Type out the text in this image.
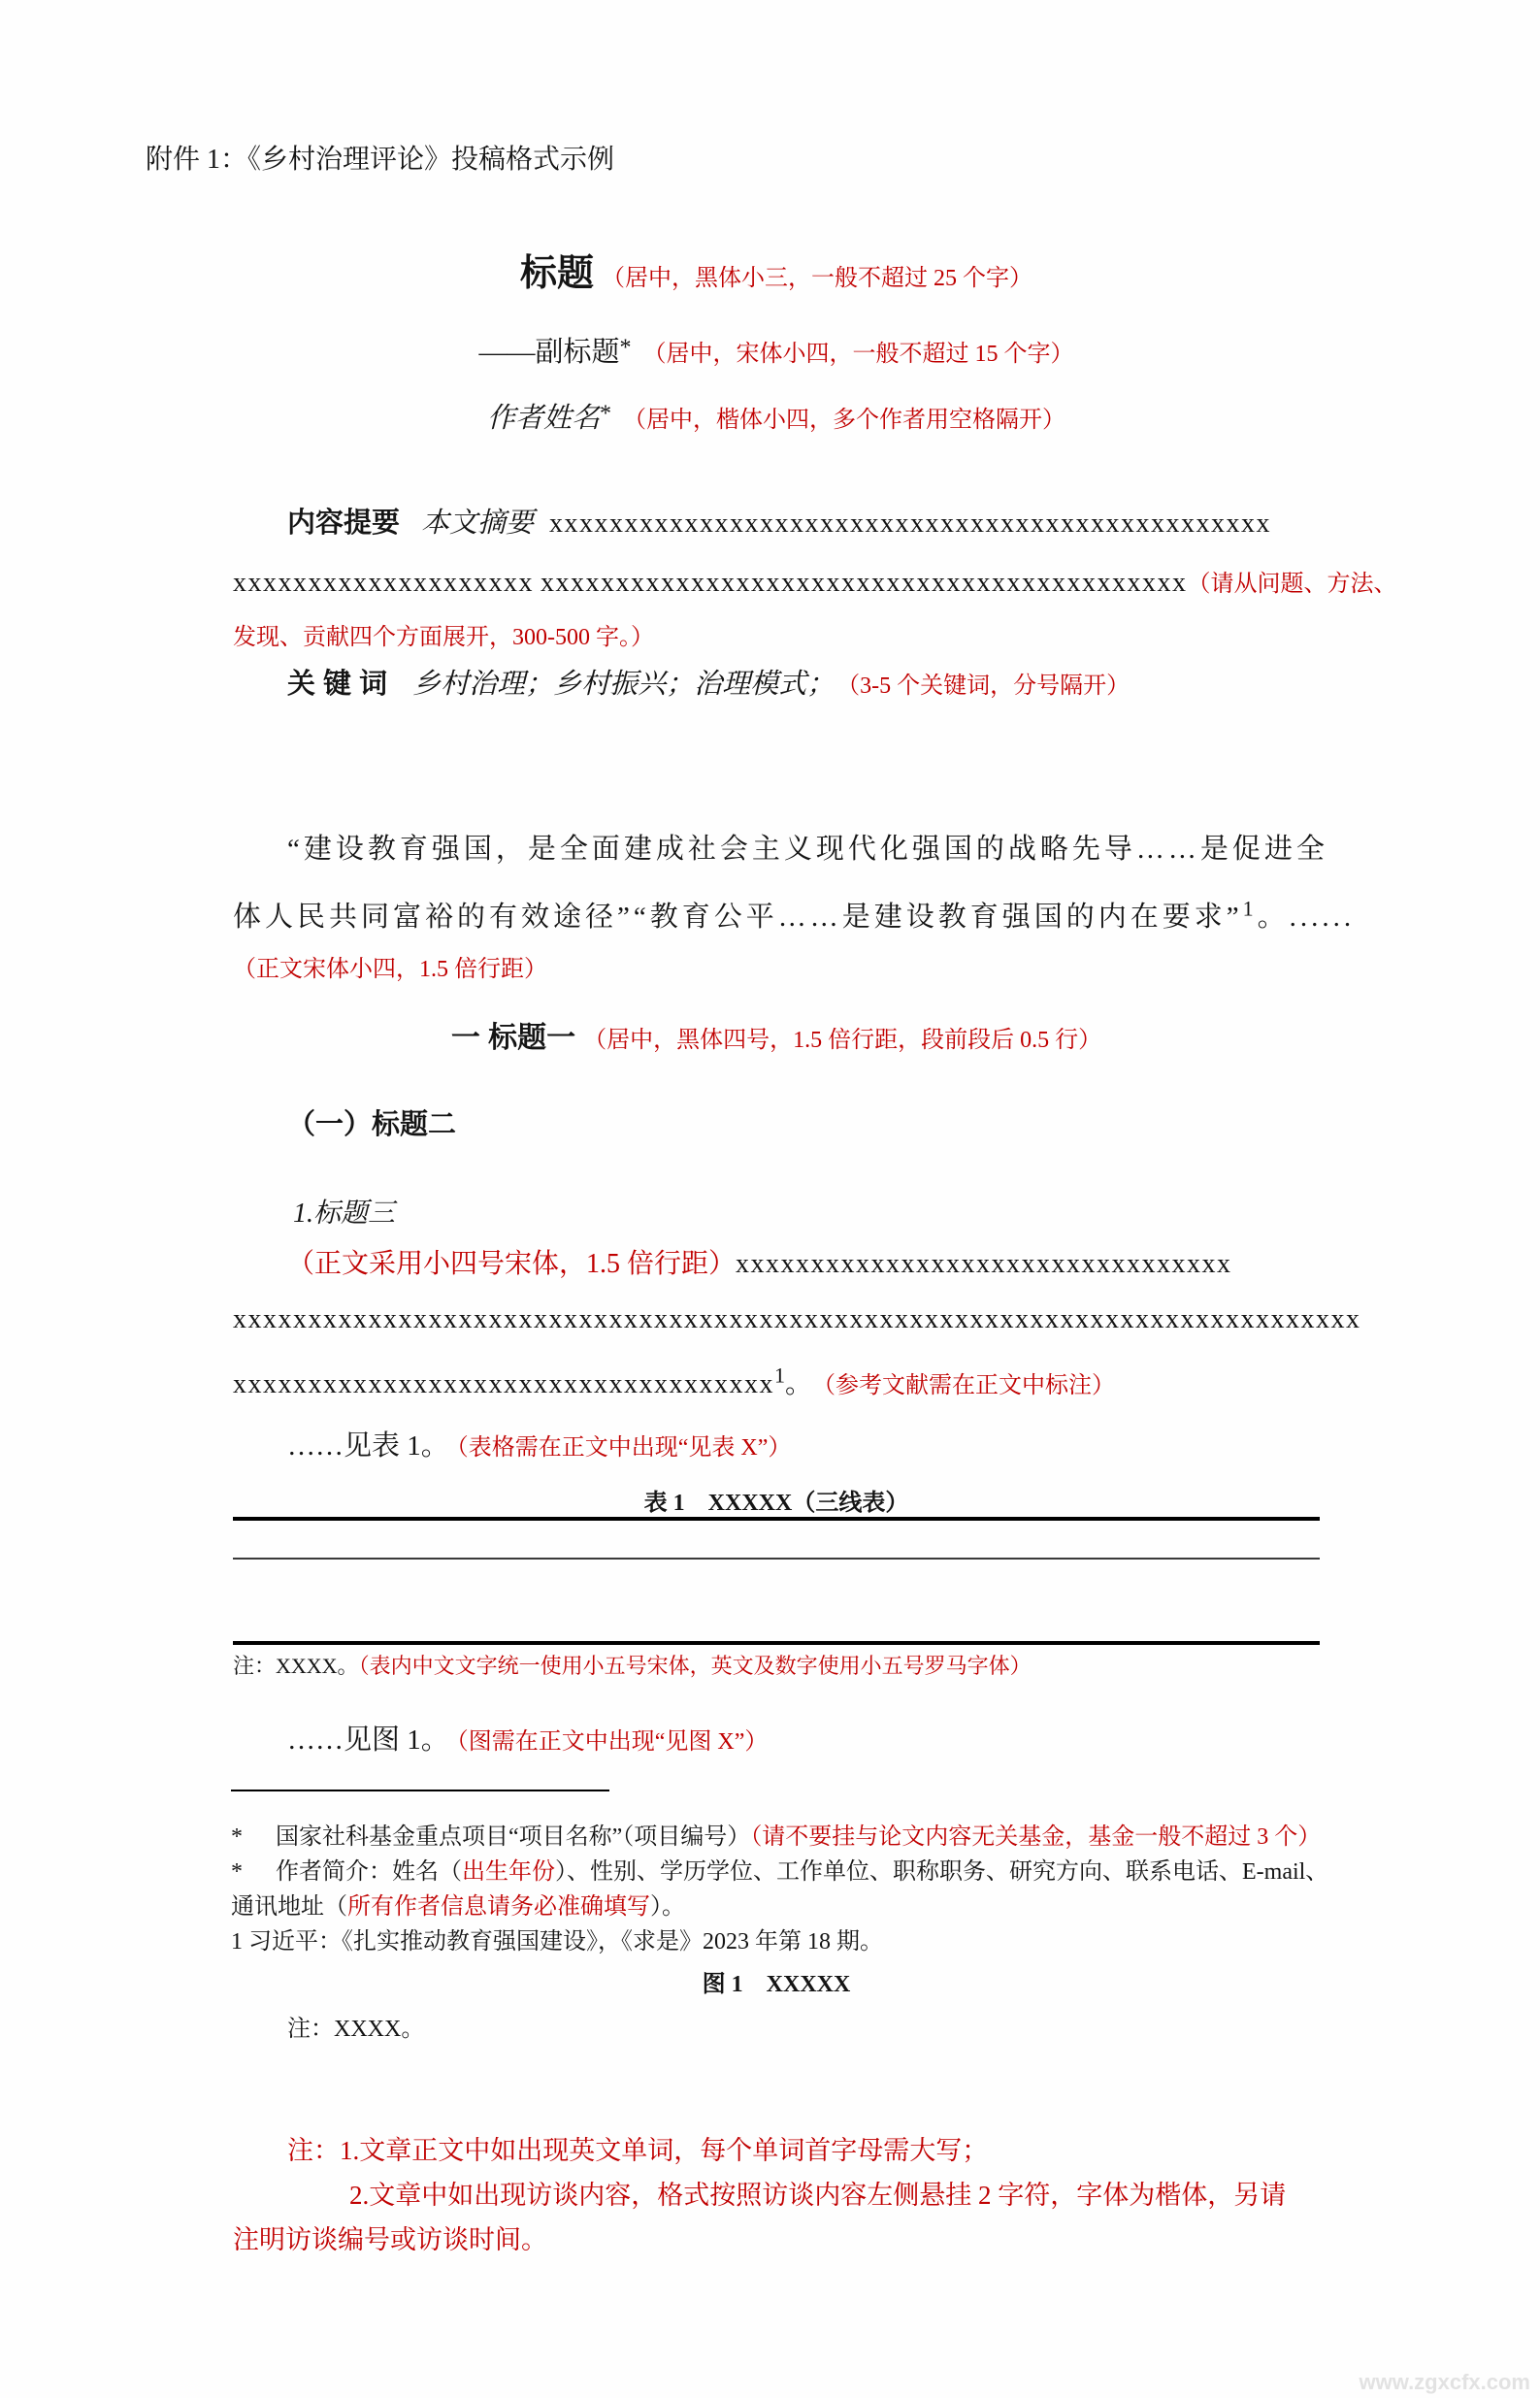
附件 1：《乡村治理评论》投稿格式示例
标题 （居中，黑体小三，一般不超过 25 个字）
——副标题* （居中，宋体小四，一般不超过 15 个字）
作者姓名* （居中，楷体小四，多个作者用空格隔开）
内容提要 本文摘要 xxxxxxxxxxxxxxxxxxxxxxxxxxxxxxxxxxxxxxxxxxxxxxxx
xxxxxxxxxxxxxxxxxxxx xxxxxxxxxxxxxxxxxxxxxxxxxxxxxxxxxxxxxxxxxxx（请从问题、方法、
发现、贡献四个方面展开，300-500 字。）
关 键 词 乡村治理；乡村振兴；治理模式； （3-5 个关键词，分号隔开）
“建设教育强国，是全面建成社会主义现代化强国的战略先导……是促进全
体人民共同富裕的有效途径”“教育公平……是建设教育强国的内在要求”$^1$。......
（正文宋体小四，1.5 倍行距）
一 标题一 （居中，黑体四号，1.5 倍行距，段前段后 0.5 行）
（一）标题二
1.标题三
（正文采用小四号宋体，1.5 倍行距）xxxxxxxxxxxxxxxxxxxxxxxxxxxxxxxxx
xxxxxxxxxxxxxxxxxxxxxxxxxxxxxxxxxxxxxxxxxxxxxxxxxxxxxxxxxxxxxxxxxxxxxxxxxxx
xxxxxxxxxxxxxxxxxxxxxxxxxxxxxxxxxxxx$^1$。 （参考文献需在正文中标注）
……见表 1。 （表格需在正文中出现“见表 X”）
表 1　XXXXX（三线表）
注：XXXX。（表内中文文字统一使用小五号宋体，英文及数字使用小五号罗马字体）
……见图 1。 （图需在正文中出现“见图 X”）
* 国家社科基金重点项目“项目名称”（项目编号）（请不要挂与论文内容无关基金，基金一般不超过 3 个）
* 作者简介：姓名（出生年份）、性别、学历学位、工作单位、职称职务、研究方向、联系电话、E-mail、
通讯地址（所有作者信息请务必准确填写）。
1 习近平：《扎实推动教育强国建设》，《求是》2023 年第 18 期。
图 1　XXXXX
注：XXXX。
注：1.文章正文中如出现英文单词，每个单词首字母需大写；
2.文章中如出现访谈内容，格式按照访谈内容左侧悬挂 2 字符，字体为楷体，另请
注明访谈编号或访谈时间。
www.zgxcfx.com
